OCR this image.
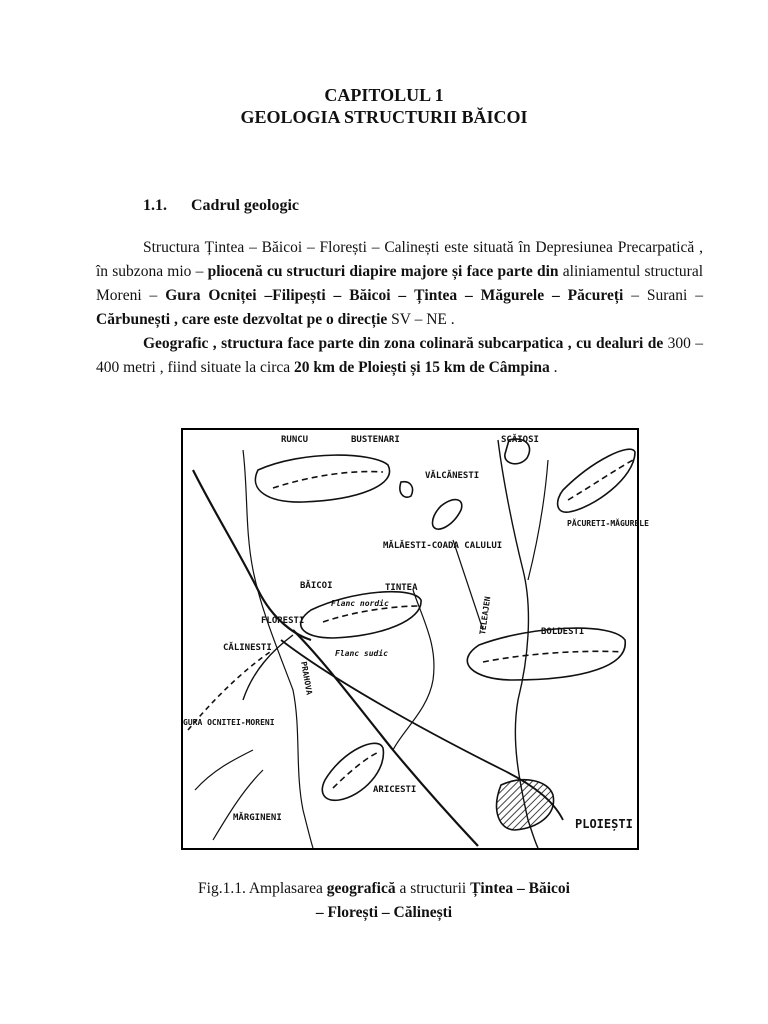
CAPITOLUL 1
GEOLOGIA STRUCTURII BĂICOI
1.1. Cadrul geologic

Structura Țintea – Băicoi – Florești – Calinești este situată în Depresiunea Precarpatică , în subzona mio – pliocenă cu structuri diapire majore și face parte din aliniamentul structural Moreni – Gura Ocniței –Filipești – Băicoi – Țintea – Măgurele – Păcureți – Surani – Cărbunești , care este dezvoltat pe o direcție SV – NE .

Geografic , structura face parte din zona colinară subcarpatica , cu dealuri de 300 – 400 metri , fiind situate la circa 20 km de Ploiești și 15 km de Câmpina .

RUNCU	BUSTENARI	SCĂIOSI
VĂLCĂNESTI
PĂCURETI-MĂGURELE
MĂLĂESTI-COADA CALULUI
BĂICOI	TINTEA
Flanc nordic
FLORESTI
CĂLINESTI
Flanc sudic
BOLDESTI
GURA OCNITEI-MORENI
ARICESTI
MĂRGINENI	PLOIEȘTI
PRAHOVA
TELEAJEN
Fig.1.1. Amplasarea geografică a structurii Țintea – Băicoi
– Florești – Călinești
